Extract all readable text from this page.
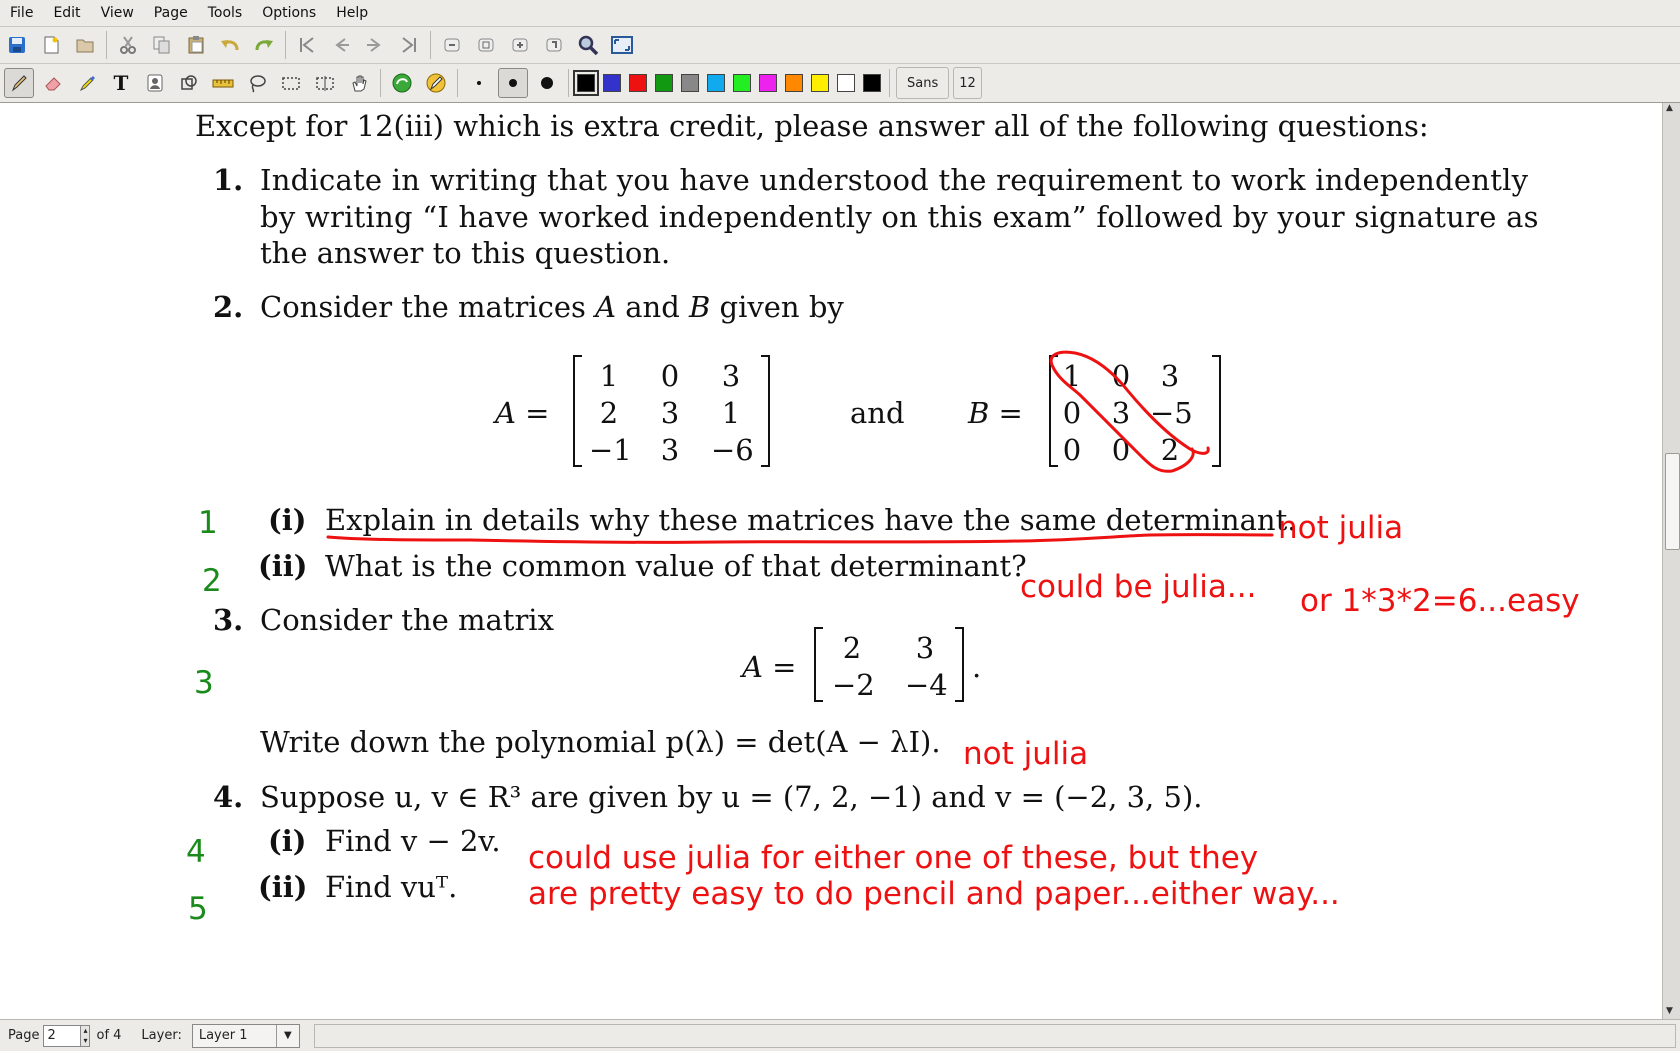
File	Edit	View	Page	Tools	Options	Help
T	Sans	12
Except for 12(iii) which is extra credit, please answer all of the following questions:
1. Indicate in writing that you have understood the requirement to work independently
by writing “I have worked independently on this exam” followed by your signature as
the answer to this question.
2. Consider the matrices A and B given by
A =
1	0	3
2	3	1
−1	3	−6
and B =
1	0	3
0	3 −5
0	0	2
(i) Explain in details why these matrices have the same determinant.
(ii) What is the common value of that determinant?
3. Consider the matrix
A =
2	3
−2 −4
.
Write down the polynomial p(λ) = det(A − λI).
4. Suppose u, v ∈ R³ are given by u = (7, 2, −1) and v = (−2, 3, 5).
(i) Find v − 2v.
(ii) Find vuᵀ.
1
2
3
4
5
not julia
could be julia... or 1*3*2=6...easy
not julia
could use julia for either one of these, but they
are pretty easy to do pencil and paper...either way...
▲
▼
Page 2	▴
▾ of 4 Layer: Layer 1	▼
